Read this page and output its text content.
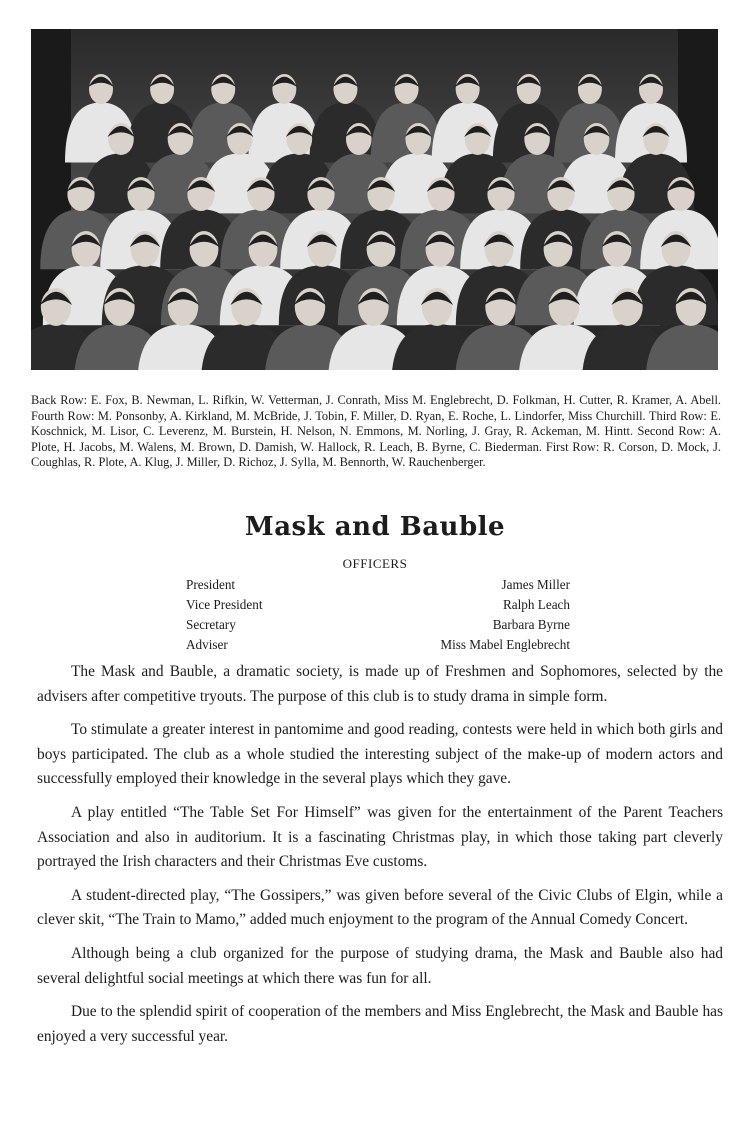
Back Row: E. Fox, B. Newman, L. Rifkin, W. Vetterman, J. Conrath, Miss M. Englebrecht, D. Folkman, H. Cutter, R. Kramer, A. Abell. Fourth Row: M. Ponsonby, A. Kirkland, M. McBride, J. Tobin, F. Miller, D. Ryan, E. Roche, L. Lindorfer, Miss Churchill. Third Row: E. Koschnick, M. Lisor, C. Leverenz, M. Burstein, H. Nelson, N. Emmons, M. Norling, J. Gray, R. Ackeman, M. Hintt. Second Row: A. Plote, H. Jacobs, M. Walens, M. Brown, D. Damish, W. Hallock, R. Leach, B. Byrne, C. Biederman. First Row: R. Corson, D. Mock, J. Coughlas, R. Plote, A. Klug, J. Miller, D. Richoz, J. Sylla, M. Bennorth, W. Rauchenberger.
Mask and Bauble
OFFICERS
President	James Miller
Vice President	Ralph Leach
Secretary	Barbara Byrne
Adviser	Miss Mabel Englebrecht

The Mask and Bauble, a dramatic society, is made up of Freshmen and Sophomores, selected by the advisers after competitive tryouts. The purpose of this club is to study drama in simple form.

To stimulate a greater interest in pantomime and good reading, contests were held in which both girls and boys participated. The club as a whole studied the interesting subject of the make-up of modern actors and successfully employed their knowledge in the several plays which they gave.

A play entitled “The Table Set For Himself” was given for the entertainment of the Parent Teachers Association and also in auditorium. It is a fascinating Christmas play, in which those taking part cleverly portrayed the Irish characters and their Christmas Eve customs.

A student-directed play, “The Gossipers,” was given before several of the Civic Clubs of Elgin, while a clever skit, “The Train to Mamo,” added much enjoyment to the program of the Annual Comedy Concert.

Although being a club organized for the purpose of studying drama, the Mask and Bauble also had several delightful social meetings at which there was fun for all.

Due to the splendid spirit of cooperation of the members and Miss Englebrecht, the Mask and Bauble has enjoyed a very successful year.
